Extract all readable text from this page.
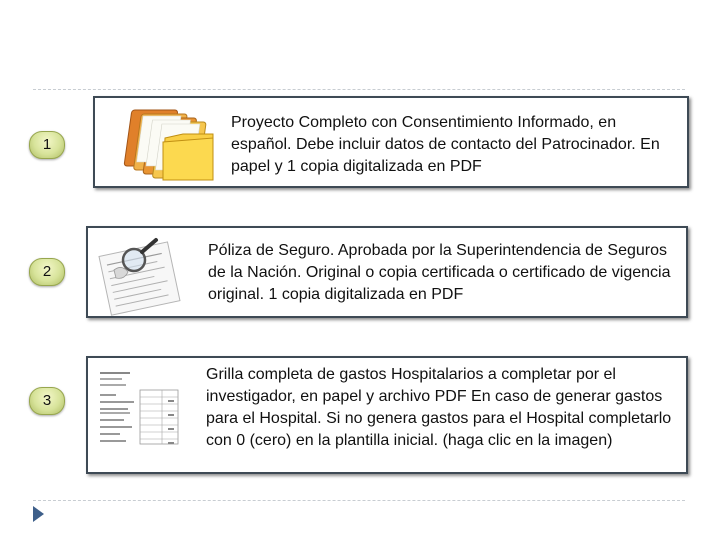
1
Proyecto Completo con Consentimiento Informado, en español. Debe incluir datos de contacto del Patrocinador. En papel y 1 copia digitalizada en PDF
2
Póliza de Seguro. Aprobada por la Superintendencia de Seguros de la Nación. Original o copia certificada o certificado de vigencia original. 1 copia digitalizada en PDF
3
Grilla completa de gastos Hospitalarios a completar por el investigador, en papel y archivo PDF En caso de generar gastos para el Hospital. Si no genera gastos para el Hospital completarlo con 0 (cero) en la plantilla inicial. (haga clic en la imagen)
